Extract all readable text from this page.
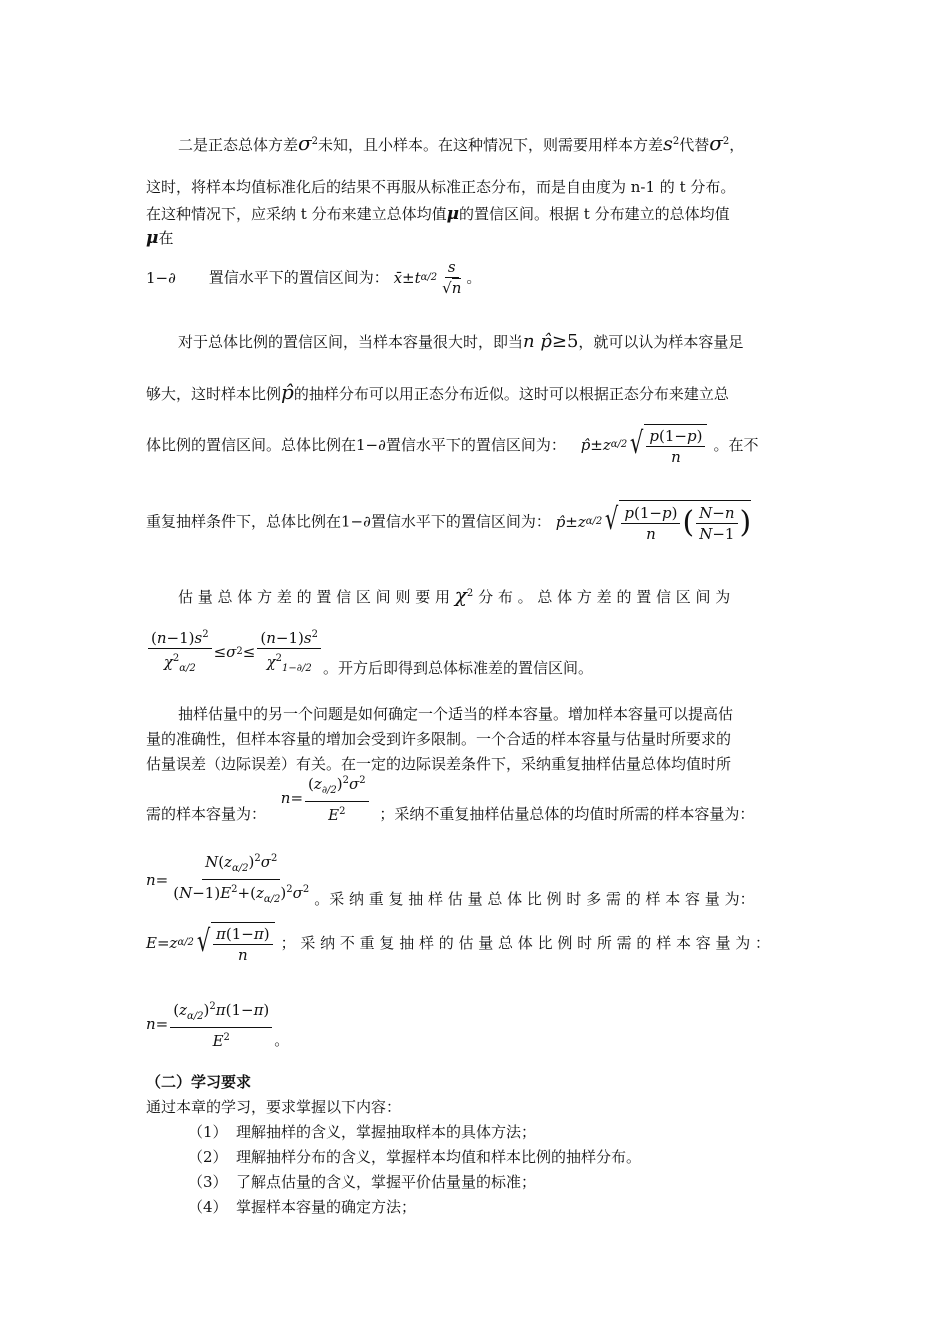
二是正态总体方差$\sigma^2$未知，且小样本。在这种情况下，则需要用样本方差$s^2$代替$\sigma^2$，
这时，将样本均值标准化后的结果不再服从标准正态分布，而是自由度为 n-1 的 t 分布。
在这种情况下，应采纳 t 分布来建立总体均值μ的置信区间。根据 t 分布建立的总体均值
μ在
1−∂ 置信水平下的置信区间为： x̄ ± t $\alpha/2 \frac{s}{√n}$ 。
对于总体比例的置信区间，当样本容量很大时，即当n p̂≥5，就可以认为样本容量足
够大，这时样本比例p̂的抽样分布可以用正态分布近似。这时可以根据正态分布来建立总
体比例的置信区间。总体比例在1−∂置信水平下的置信区间为： p̂ ± z α/2 √ $\frac{p(1-p)}{n}$ 。在不
重复抽样条件下，总体比例在1−∂置信水平下的置信区间为： p̂ ± z α/2 √ $\frac{p(1-p)}{n}$ ( $\frac{N-n}{N-1}$ )
估 量 总 体 方 差 的 置 信 区 间 则 要 用 $\chi^2$ 分 布 。 总 体 方 差 的 置 信 区 间 为
$\frac{(n-1)s^2}{\chi^2_{\alpha/2}} \le \sigma$ $2 \le \frac{(n-1)s^2}{\chi^2_{1-\partial/2}}$ 。开方后即得到总体标准差的置信区间。
抽样估量中的另一个问题是如何确定一个适当的样本容量。增加样本容量可以提高估
量的准确性，但样本容量的增加会受到许多限制。一个合适的样本容量与估量时所要求的
估量误差（边际误差）有关。在一定的边际误差条件下，采纳重复抽样估量总体均值时所
需的样本容量为：
$n = \frac{(z_{\partial/2})^2\sigma^2}{E^2}$ ；采纳不重复抽样估量总体的均值时所需的样本容量为：
$n = \frac{N(z_{\alpha/2})^2\sigma^2}{(N-1)E^2+(z_{\alpha/2})^2\sigma^2}$ 。采 纳 重 复 抽 样 估 量 总 体 比 例 时 多 需 的 样 本 容 量 为：
E = z α/2 √ $\frac{\pi(1-\pi)}{n}$ ； 采 纳 不 重 复 抽 样 的 估 量 总 体 比 例 时 所 需 的 样 本 容 量 为 ：
$n = \frac{(z_{\alpha/2})^2\pi(1-\pi)}{E^2}$ 。
（二）学习要求
通过本章的学习，要求掌握以下内容：
（1） 理解抽样的含义，掌握抽取样本的具体方法；
（2） 理解抽样分布的含义，掌握样本均值和样本比例的抽样分布。
（3） 了解点估量的含义，掌握平价估量量的标准；
（4） 掌握样本容量的确定方法；
